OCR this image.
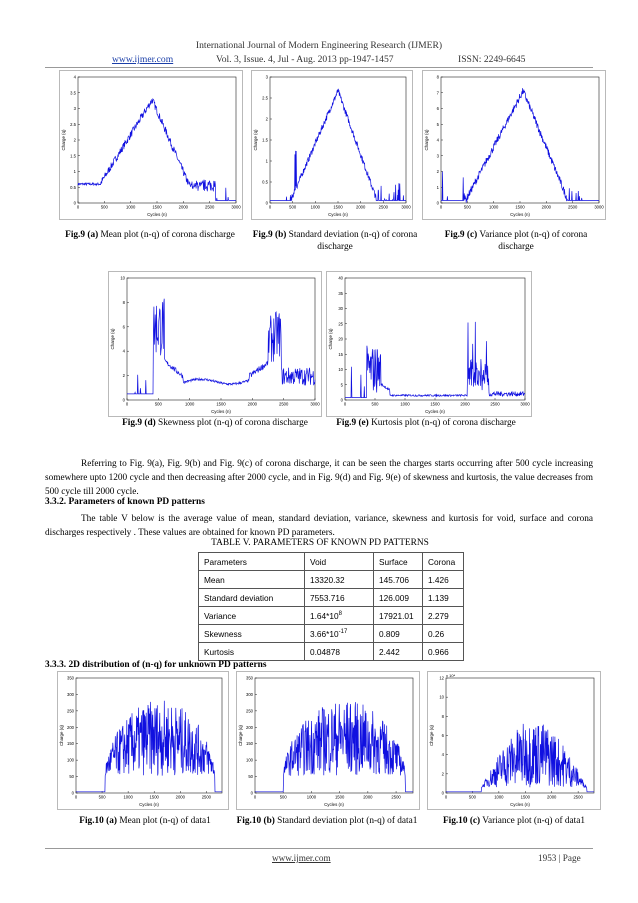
International Journal of Modern Engineering Research (IJMER)
www.ijmer.com	Vol. 3, Issue. 4, Jul - Aug. 2013 pp-1947-1457	ISSN: 2249-6645
0
0.5
1
1.5
2
2.5
3
3.5
4
0	500	1000	1500	2000	2500	3000
Cycles (n)
Charge (q)
0
0.5
1
1.5
2
2.5
3
0	500	1000	1500	2000	2500	3000
Cycles (n)
Charge (q)
0
1
2
3
4
5
6
7
8
0	500	1000	1500	2000	2500	3000
Cycles (n)
Charge (q)
Fig.9 (a) Mean plot (n-q) of corona discharge	Fig.9 (b) Standard deviation (n-q) of corona discharge
Fig.9 (c) Variance plot (n-q) of corona discharge
0
2
4
6
8
10
0	500	1000	1500	2000	2500	3000
Cycles (n)
Charge (q)
0
5
10
15
20
25
30
35
40
0	500	1000	1500	2000	2500	3000
Cycles (n)
Charge (q)
Fig.9 (d) Skewness plot (n-q) of corona discharge	Fig.9 (e) Kurtosis plot (n-q) of corona discharge
Referring to Fig. 9(a), Fig. 9(b) and Fig. 9(c) of corona discharge, it can be seen the charges starts occurring after 500 cycle increasing somewhere upto 1200 cycle and then decreasing after 2000 cycle, and in Fig. 9(d) and Fig. 9(e) of skewness and kurtosis, the value decreases from 500 cycle till 2000 cycle.
3.3.2. Parameters of known PD patterns
The table V below is the average value of mean, standard deviation, variance, skewness and kurtosis for void, surface and corona discharges respectively . These values are obtained for known PD parameters.
TABLE V. PARAMETERS OF KNOWN PD PATTERNS
Parameters	Void	Surface	Corona
Mean	13320.32	145.706	1.426
Standard deviation	7553.716	126.009	1.139
Variance	$1.64*10^8$	17921.01	2.279
Skewness	$3.66*10^{-17}$	0.809	0.26
Kurtosis	0.04878	2.442	0.966
3.3.3. 2D distribution of (n-q) for unknown PD patterns
0
50
100
150
200
250
300
350
0	500	1000	1500	2000	2500
Cycles (n)
Charge (q)
0
50
100
150
200
250
300
350
0	500	1000	1500	2000	2500
Cycles (n)
Charge (q)
0
2
4
6
8
10
12
0	500	1000	1500	2000	2500
Cycles (n)
Charge (q)
x 10⁴
Fig.10 (a) Mean plot (n-q) of data1	Fig.10 (b) Standard deviation plot (n-q) of data1	Fig.10 (c) Variance plot (n-q) of data1
www.ijmer.com	1953 | Page
